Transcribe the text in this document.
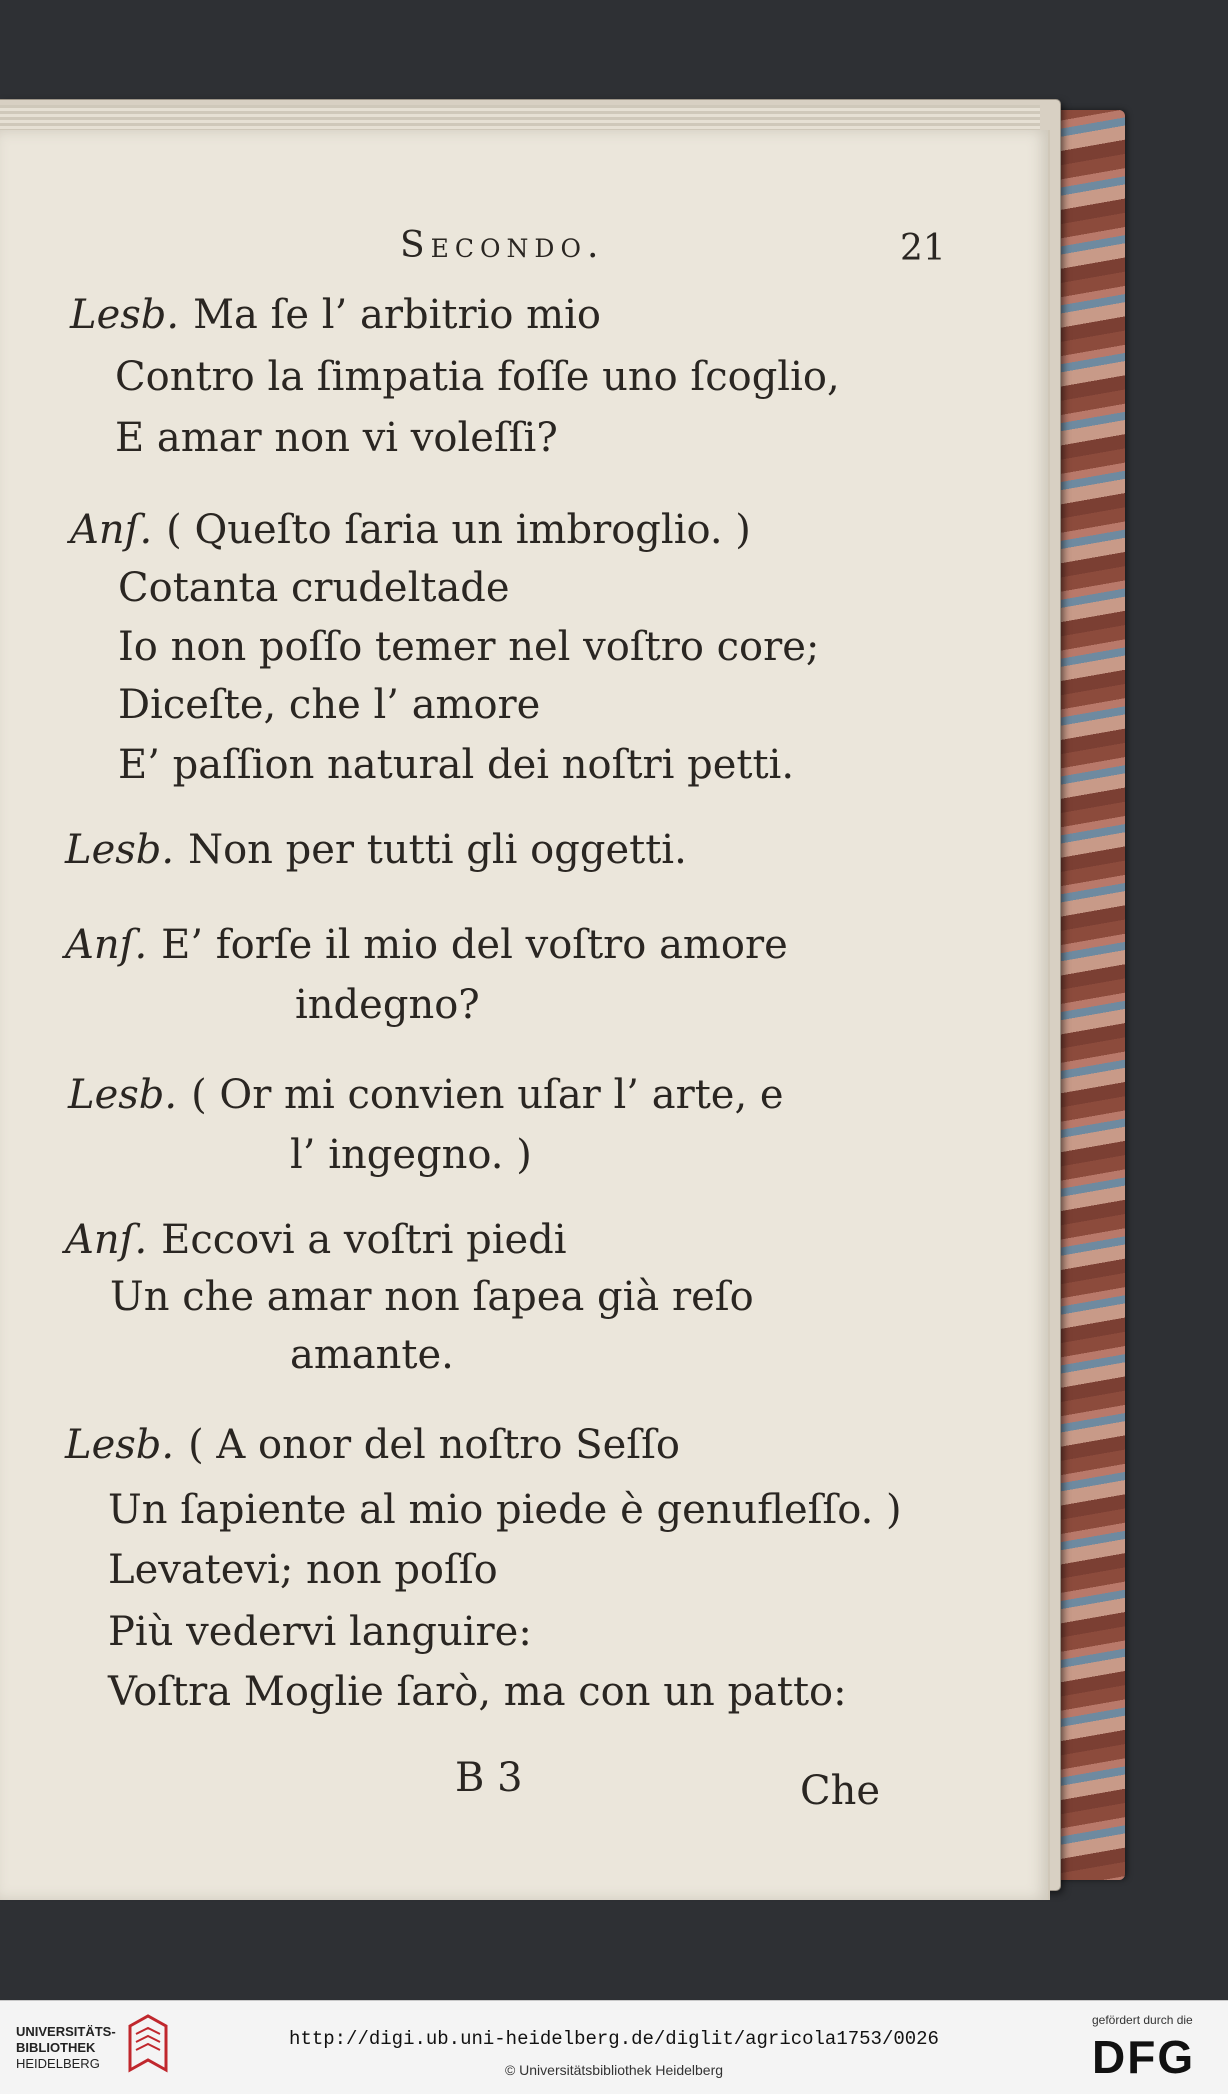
Secondo.	21
Lesb. Ma ſe l’ arbitrio mio
Contro la ſimpatia foſſe uno ſcoglio,
E amar non vi voleſſi?
Anſ. ( Queſto ſaria un imbroglio. )
Cotanta crudeltade
Io non poſſo temer nel voſtro core;
Diceſte, che l’ amore
E’ paſſion natural dei noſtri petti.
Lesb. Non per tutti gli oggetti.
Anſ. E’ forſe il mio del voſtro amore
indegno?
Lesb. ( Or mi convien uſar l’ arte, e
l’ ingegno. )
Anſ. Eccovi a voſtri piedi
Un che amar non ſapea già reſo
amante.
Lesb. ( A onor del noſtro Seſſo
Un ſapiente al mio piede è genufleſſo. )
Levatevi; non poſſo
Più vedervi languire:
Voſtra Moglie ſarò, ma con un patto:
B 3	Che
UNIVERSITÄTS-
BIBLIOTHEK
HEIDELBERG
http://digi.ub.uni-heidelberg.de/diglit/agricola1753/0026
© Universitätsbibliothek Heidelberg
gefördert durch die
DFG
